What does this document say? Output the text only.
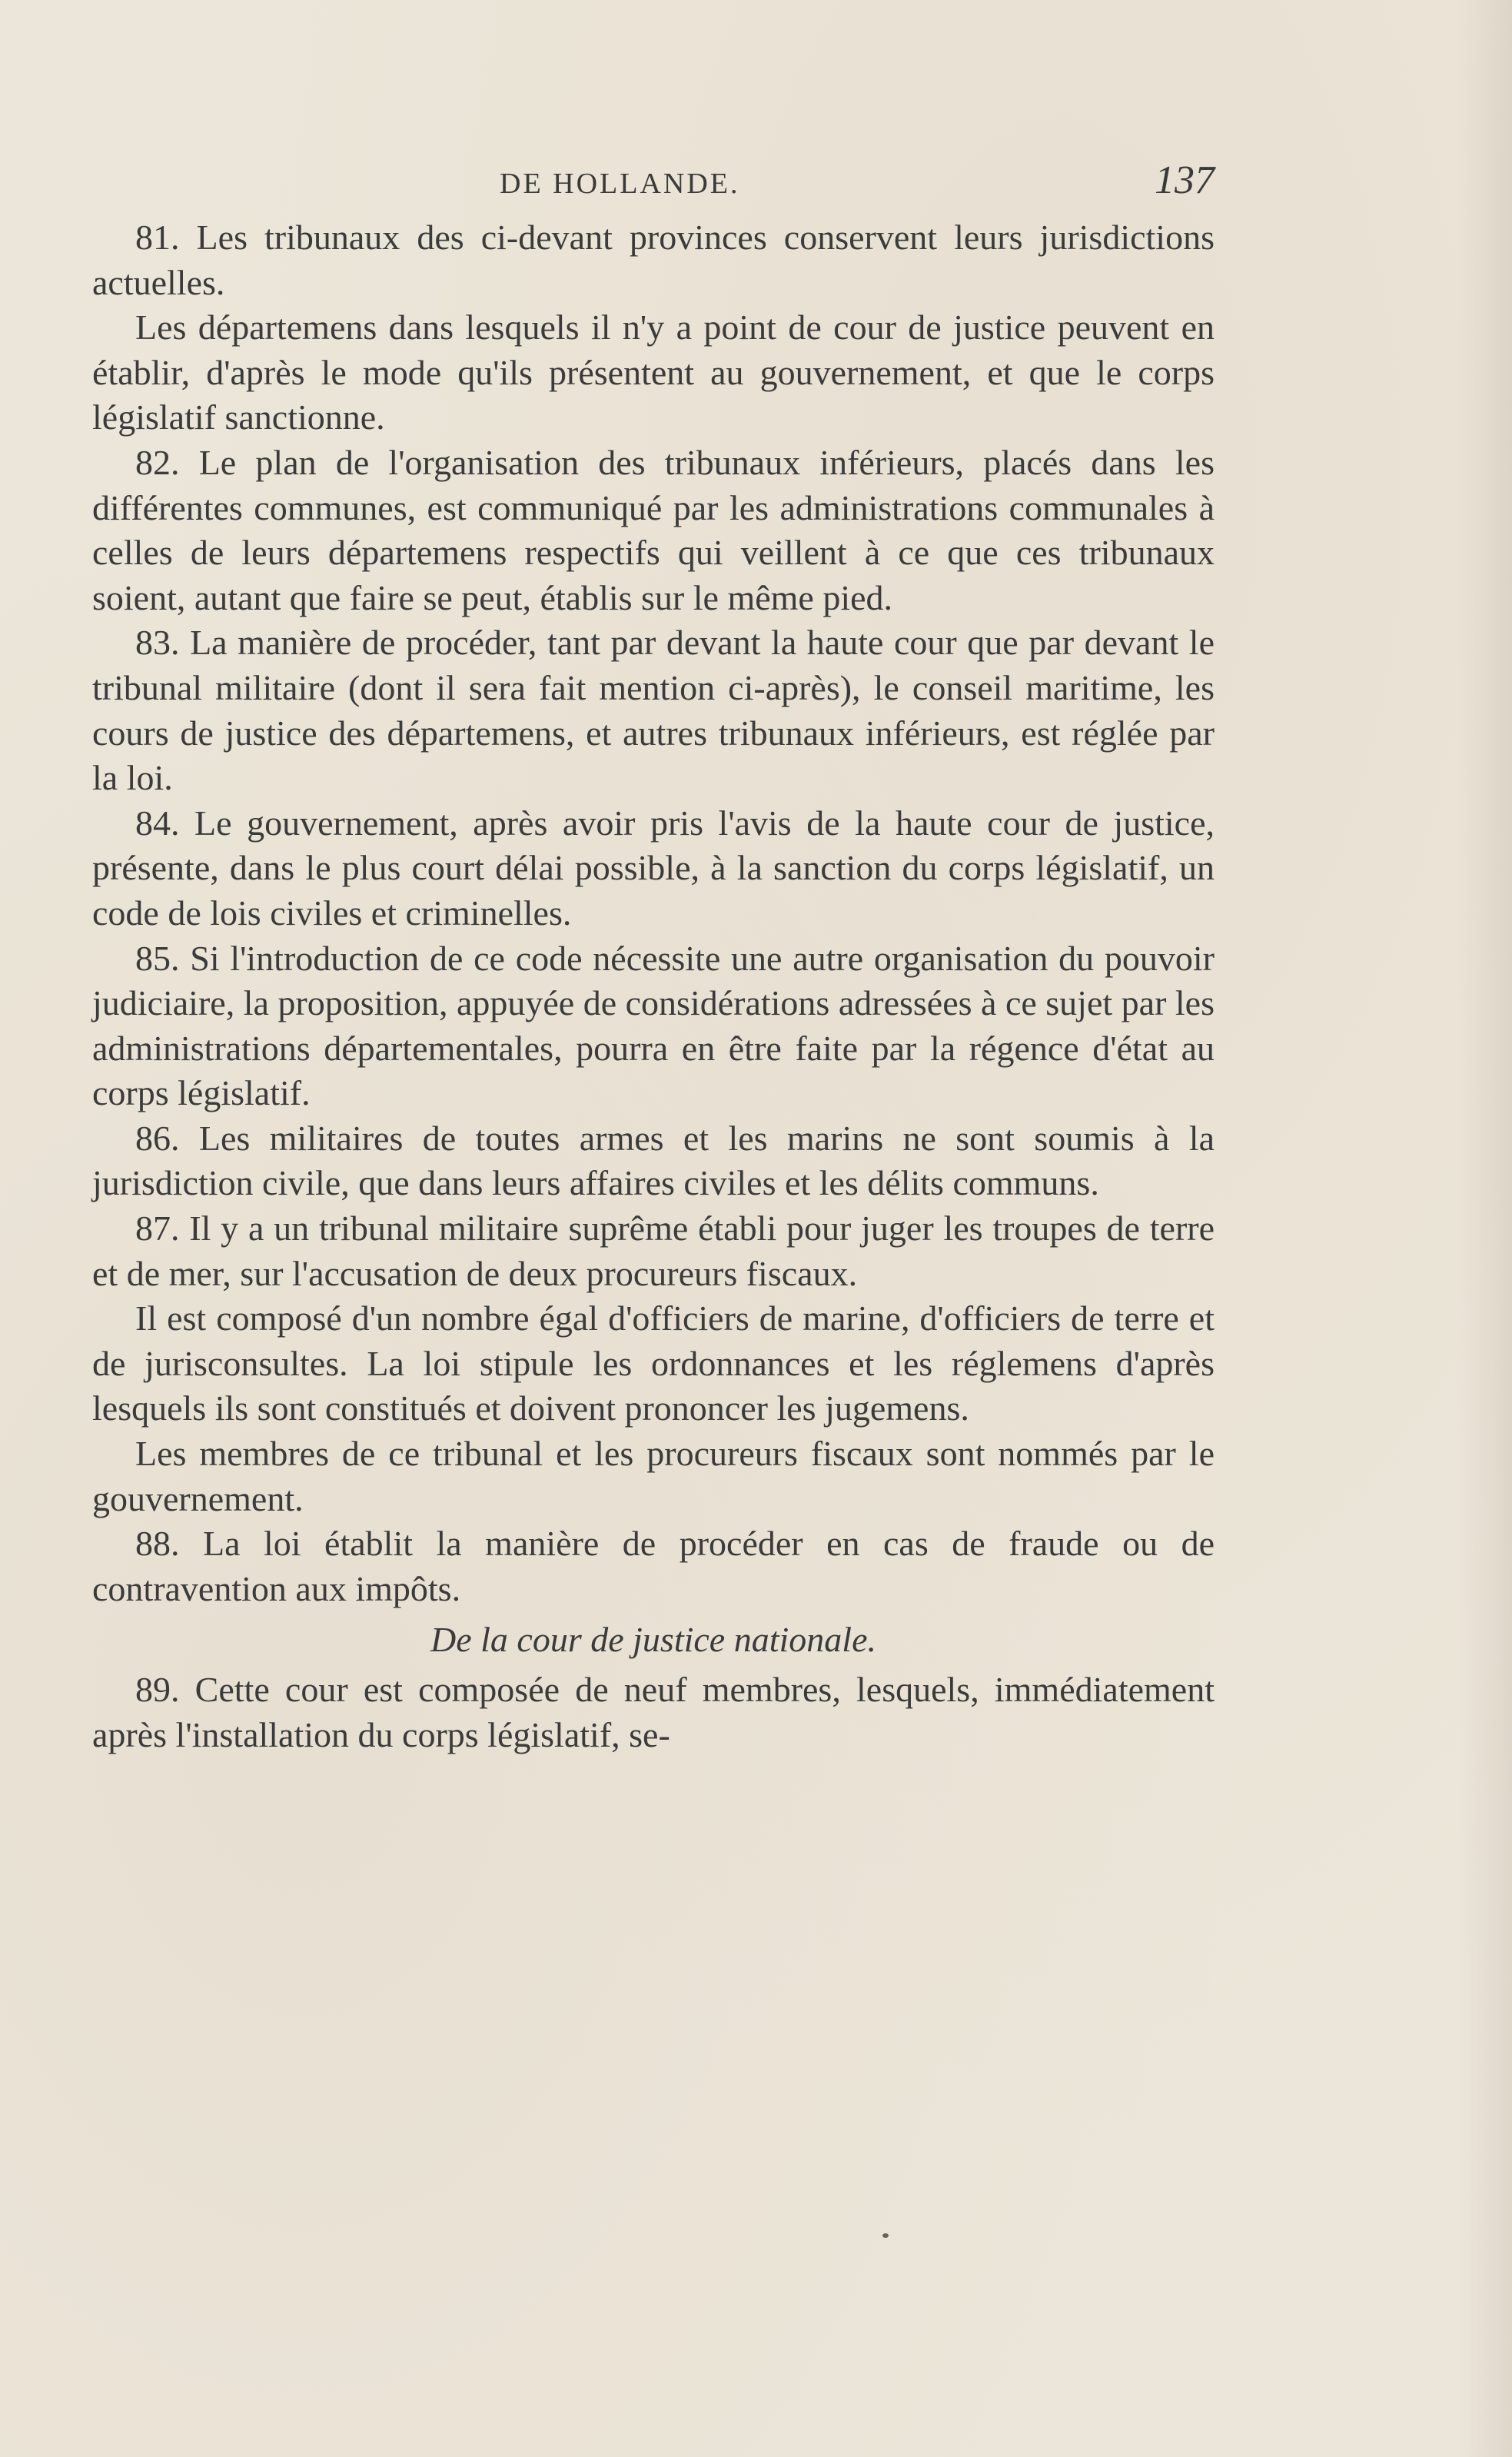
DE HOLLANDE.	137

81. Les tribunaux des ci-devant provinces conservent leurs jurisdictions actuelles.

Les départemens dans lesquels il n'y a point de cour de justice peuvent en établir, d'après le mode qu'ils présentent au gouvernement, et que le corps législatif sanctionne.

82. Le plan de l'organisation des tribunaux inférieurs, placés dans les différentes communes, est communiqué par les administrations communales à celles de leurs départemens respectifs qui veillent à ce que ces tribunaux soient, autant que faire se peut, établis sur le même pied.

83. La manière de procéder, tant par devant la haute cour que par devant le tribunal militaire (dont il sera fait mention ci-après), le conseil maritime, les cours de justice des départemens, et autres tribunaux inférieurs, est réglée par la loi.

84. Le gouvernement, après avoir pris l'avis de la haute cour de justice, présente, dans le plus court délai possible, à la sanction du corps législatif, un code de lois civiles et criminelles.

85. Si l'introduction de ce code nécessite une autre organisation du pouvoir judiciaire, la proposition, appuyée de considérations adressées à ce sujet par les administrations départementales, pourra en être faite par la régence d'état au corps législatif.

86. Les militaires de toutes armes et les marins ne sont soumis à la jurisdiction civile, que dans leurs affaires civiles et les délits communs.

87. Il y a un tribunal militaire suprême établi pour juger les troupes de terre et de mer, sur l'accusation de deux procureurs fiscaux.

Il est composé d'un nombre égal d'officiers de marine, d'officiers de terre et de jurisconsultes. La loi stipule les ordonnances et les réglemens d'après lesquels ils sont constitués et doivent prononcer les jugemens.

Les membres de ce tribunal et les procureurs fiscaux sont nommés par le gouvernement.

88. La loi établit la manière de procéder en cas de fraude ou de contravention aux impôts.

De la cour de justice nationale.

89. Cette cour est composée de neuf membres, lesquels, immédiatement après l'installation du corps législatif, se-
